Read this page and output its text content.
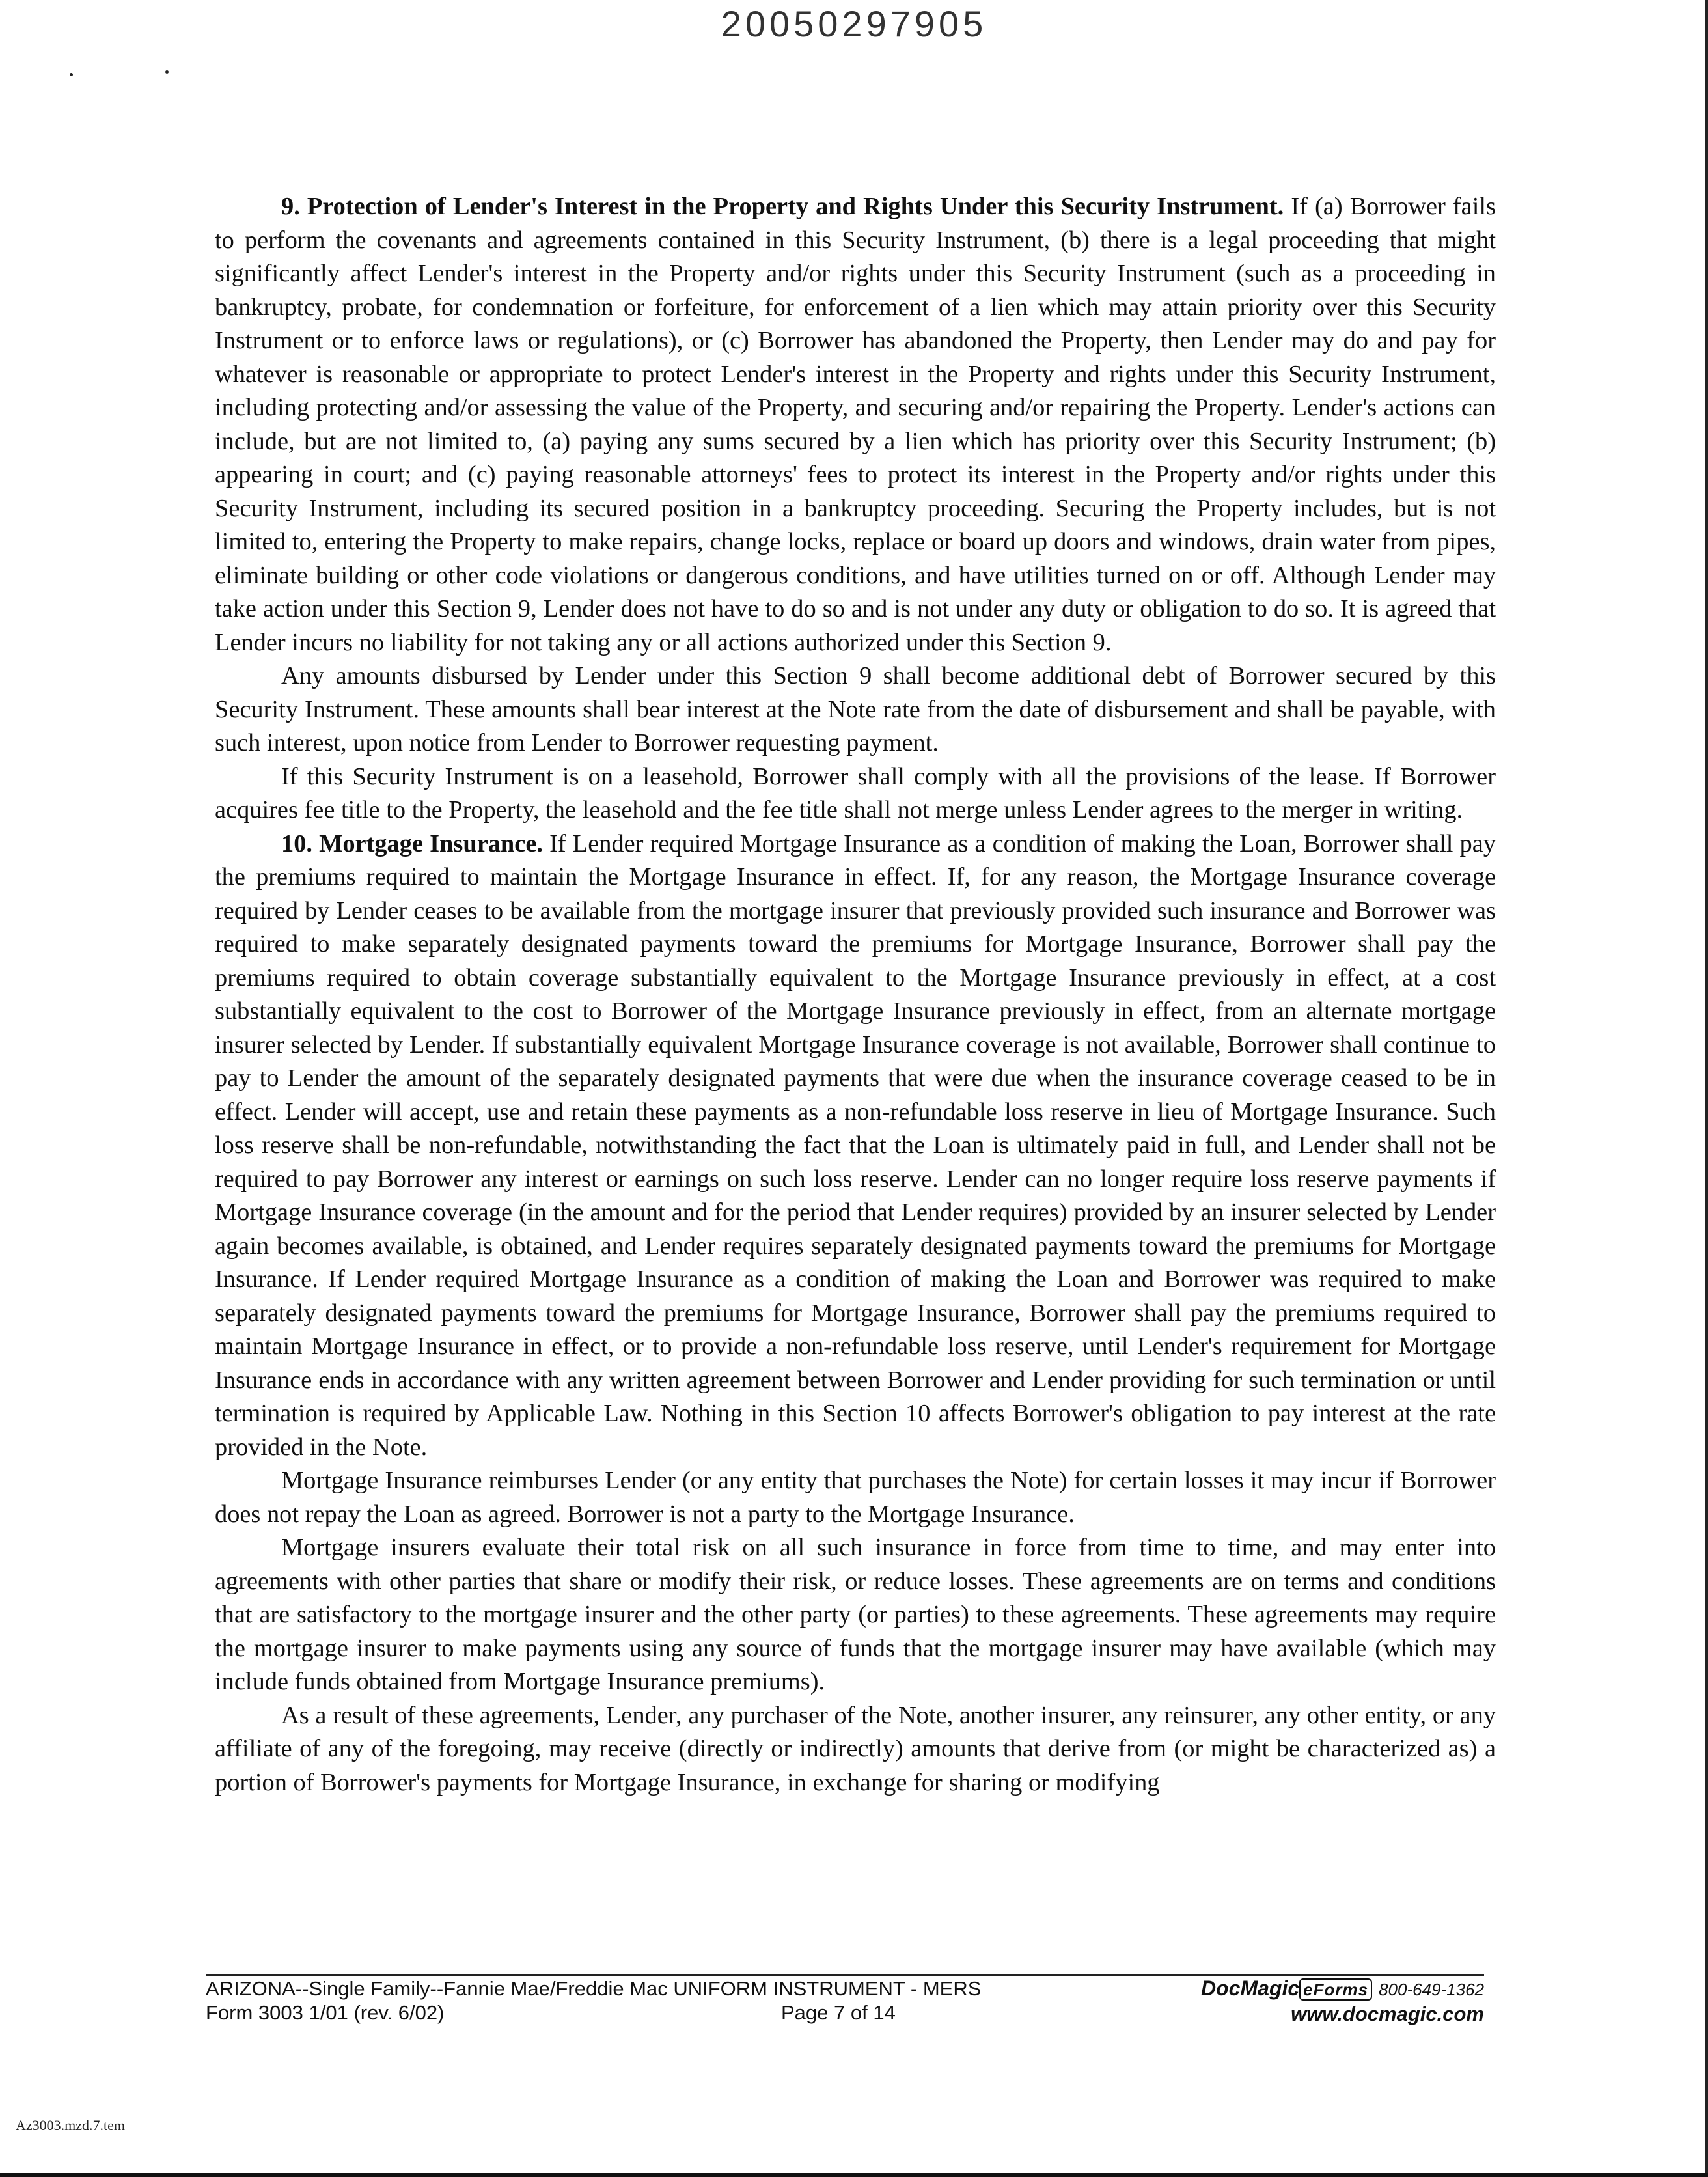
20050297905

9. Protection of Lender's Interest in the Property and Rights Under this Security Instrument. If (a) Borrower fails to perform the covenants and agreements contained in this Security Instrument, (b) there is a legal proceeding that might significantly affect Lender's interest in the Property and/or rights under this Security Instrument (such as a proceeding in bankruptcy, probate, for condemnation or forfeiture, for enforcement of a lien which may attain priority over this Security Instrument or to enforce laws or regulations), or (c) Borrower has abandoned the Property, then Lender may do and pay for whatever is reasonable or appropriate to protect Lender's interest in the Property and rights under this Security Instrument, including protecting and/or assessing the value of the Property, and securing and/or repairing the Property. Lender's actions can include, but are not limited to, (a) paying any sums secured by a lien which has priority over this Security Instrument; (b) appearing in court; and (c) paying reasonable attorneys' fees to protect its interest in the Property and/or rights under this Security Instrument, including its secured position in a bankruptcy proceeding. Securing the Property includes, but is not limited to, entering the Property to make repairs, change locks, replace or board up doors and windows, drain water from pipes, eliminate building or other code violations or dangerous conditions, and have utilities turned on or off. Although Lender may take action under this Section 9, Lender does not have to do so and is not under any duty or obligation to do so. It is agreed that Lender incurs no liability for not taking any or all actions authorized under this Section 9.

Any amounts disbursed by Lender under this Section 9 shall become additional debt of Borrower secured by this Security Instrument. These amounts shall bear interest at the Note rate from the date of disbursement and shall be payable, with such interest, upon notice from Lender to Borrower requesting payment.

If this Security Instrument is on a leasehold, Borrower shall comply with all the provisions of the lease. If Borrower acquires fee title to the Property, the leasehold and the fee title shall not merge unless Lender agrees to the merger in writing.

10. Mortgage Insurance. If Lender required Mortgage Insurance as a condition of making the Loan, Borrower shall pay the premiums required to maintain the Mortgage Insurance in effect. If, for any reason, the Mortgage Insurance coverage required by Lender ceases to be available from the mortgage insurer that previously provided such insurance and Borrower was required to make separately designated payments toward the premiums for Mortgage Insurance, Borrower shall pay the premiums required to obtain coverage substantially equivalent to the Mortgage Insurance previously in effect, at a cost substantially equivalent to the cost to Borrower of the Mortgage Insurance previously in effect, from an alternate mortgage insurer selected by Lender. If substantially equivalent Mortgage Insurance coverage is not available, Borrower shall continue to pay to Lender the amount of the separately designated payments that were due when the insurance coverage ceased to be in effect. Lender will accept, use and retain these payments as a non-refundable loss reserve in lieu of Mortgage Insurance. Such loss reserve shall be non-refundable, notwithstanding the fact that the Loan is ultimately paid in full, and Lender shall not be required to pay Borrower any interest or earnings on such loss reserve. Lender can no longer require loss reserve payments if Mortgage Insurance coverage (in the amount and for the period that Lender requires) provided by an insurer selected by Lender again becomes available, is obtained, and Lender requires separately designated payments toward the premiums for Mortgage Insurance. If Lender required Mortgage Insurance as a condition of making the Loan and Borrower was required to make separately designated payments toward the premiums for Mortgage Insurance, Borrower shall pay the premiums required to maintain Mortgage Insurance in effect, or to provide a non-refundable loss reserve, until Lender's requirement for Mortgage Insurance ends in accordance with any written agreement between Borrower and Lender providing for such termination or until termination is required by Applicable Law. Nothing in this Section 10 affects Borrower's obligation to pay interest at the rate provided in the Note.

Mortgage Insurance reimburses Lender (or any entity that purchases the Note) for certain losses it may incur if Borrower does not repay the Loan as agreed. Borrower is not a party to the Mortgage Insurance.

Mortgage insurers evaluate their total risk on all such insurance in force from time to time, and may enter into agreements with other parties that share or modify their risk, or reduce losses. These agreements are on terms and conditions that are satisfactory to the mortgage insurer and the other party (or parties) to these agreements. These agreements may require the mortgage insurer to make payments using any source of funds that the mortgage insurer may have available (which may include funds obtained from Mortgage Insurance premiums).

As a result of these agreements, Lender, any purchaser of the Note, another insurer, any reinsurer, any other entity, or any affiliate of any of the foregoing, may receive (directly or indirectly) amounts that derive from (or might be characterized as) a portion of Borrower's payments for Mortgage Insurance, in exchange for sharing or modifying

ARIZONA--Single Family--Fannie Mae/Freddie Mac UNIFORM INSTRUMENT - MERS
Form 3003 1/01 (rev. 6/02)	Page 7 of 14
DocMagic eForms 800-649-1362
www.docmagic.com
Az3003.mzd.7.tem
